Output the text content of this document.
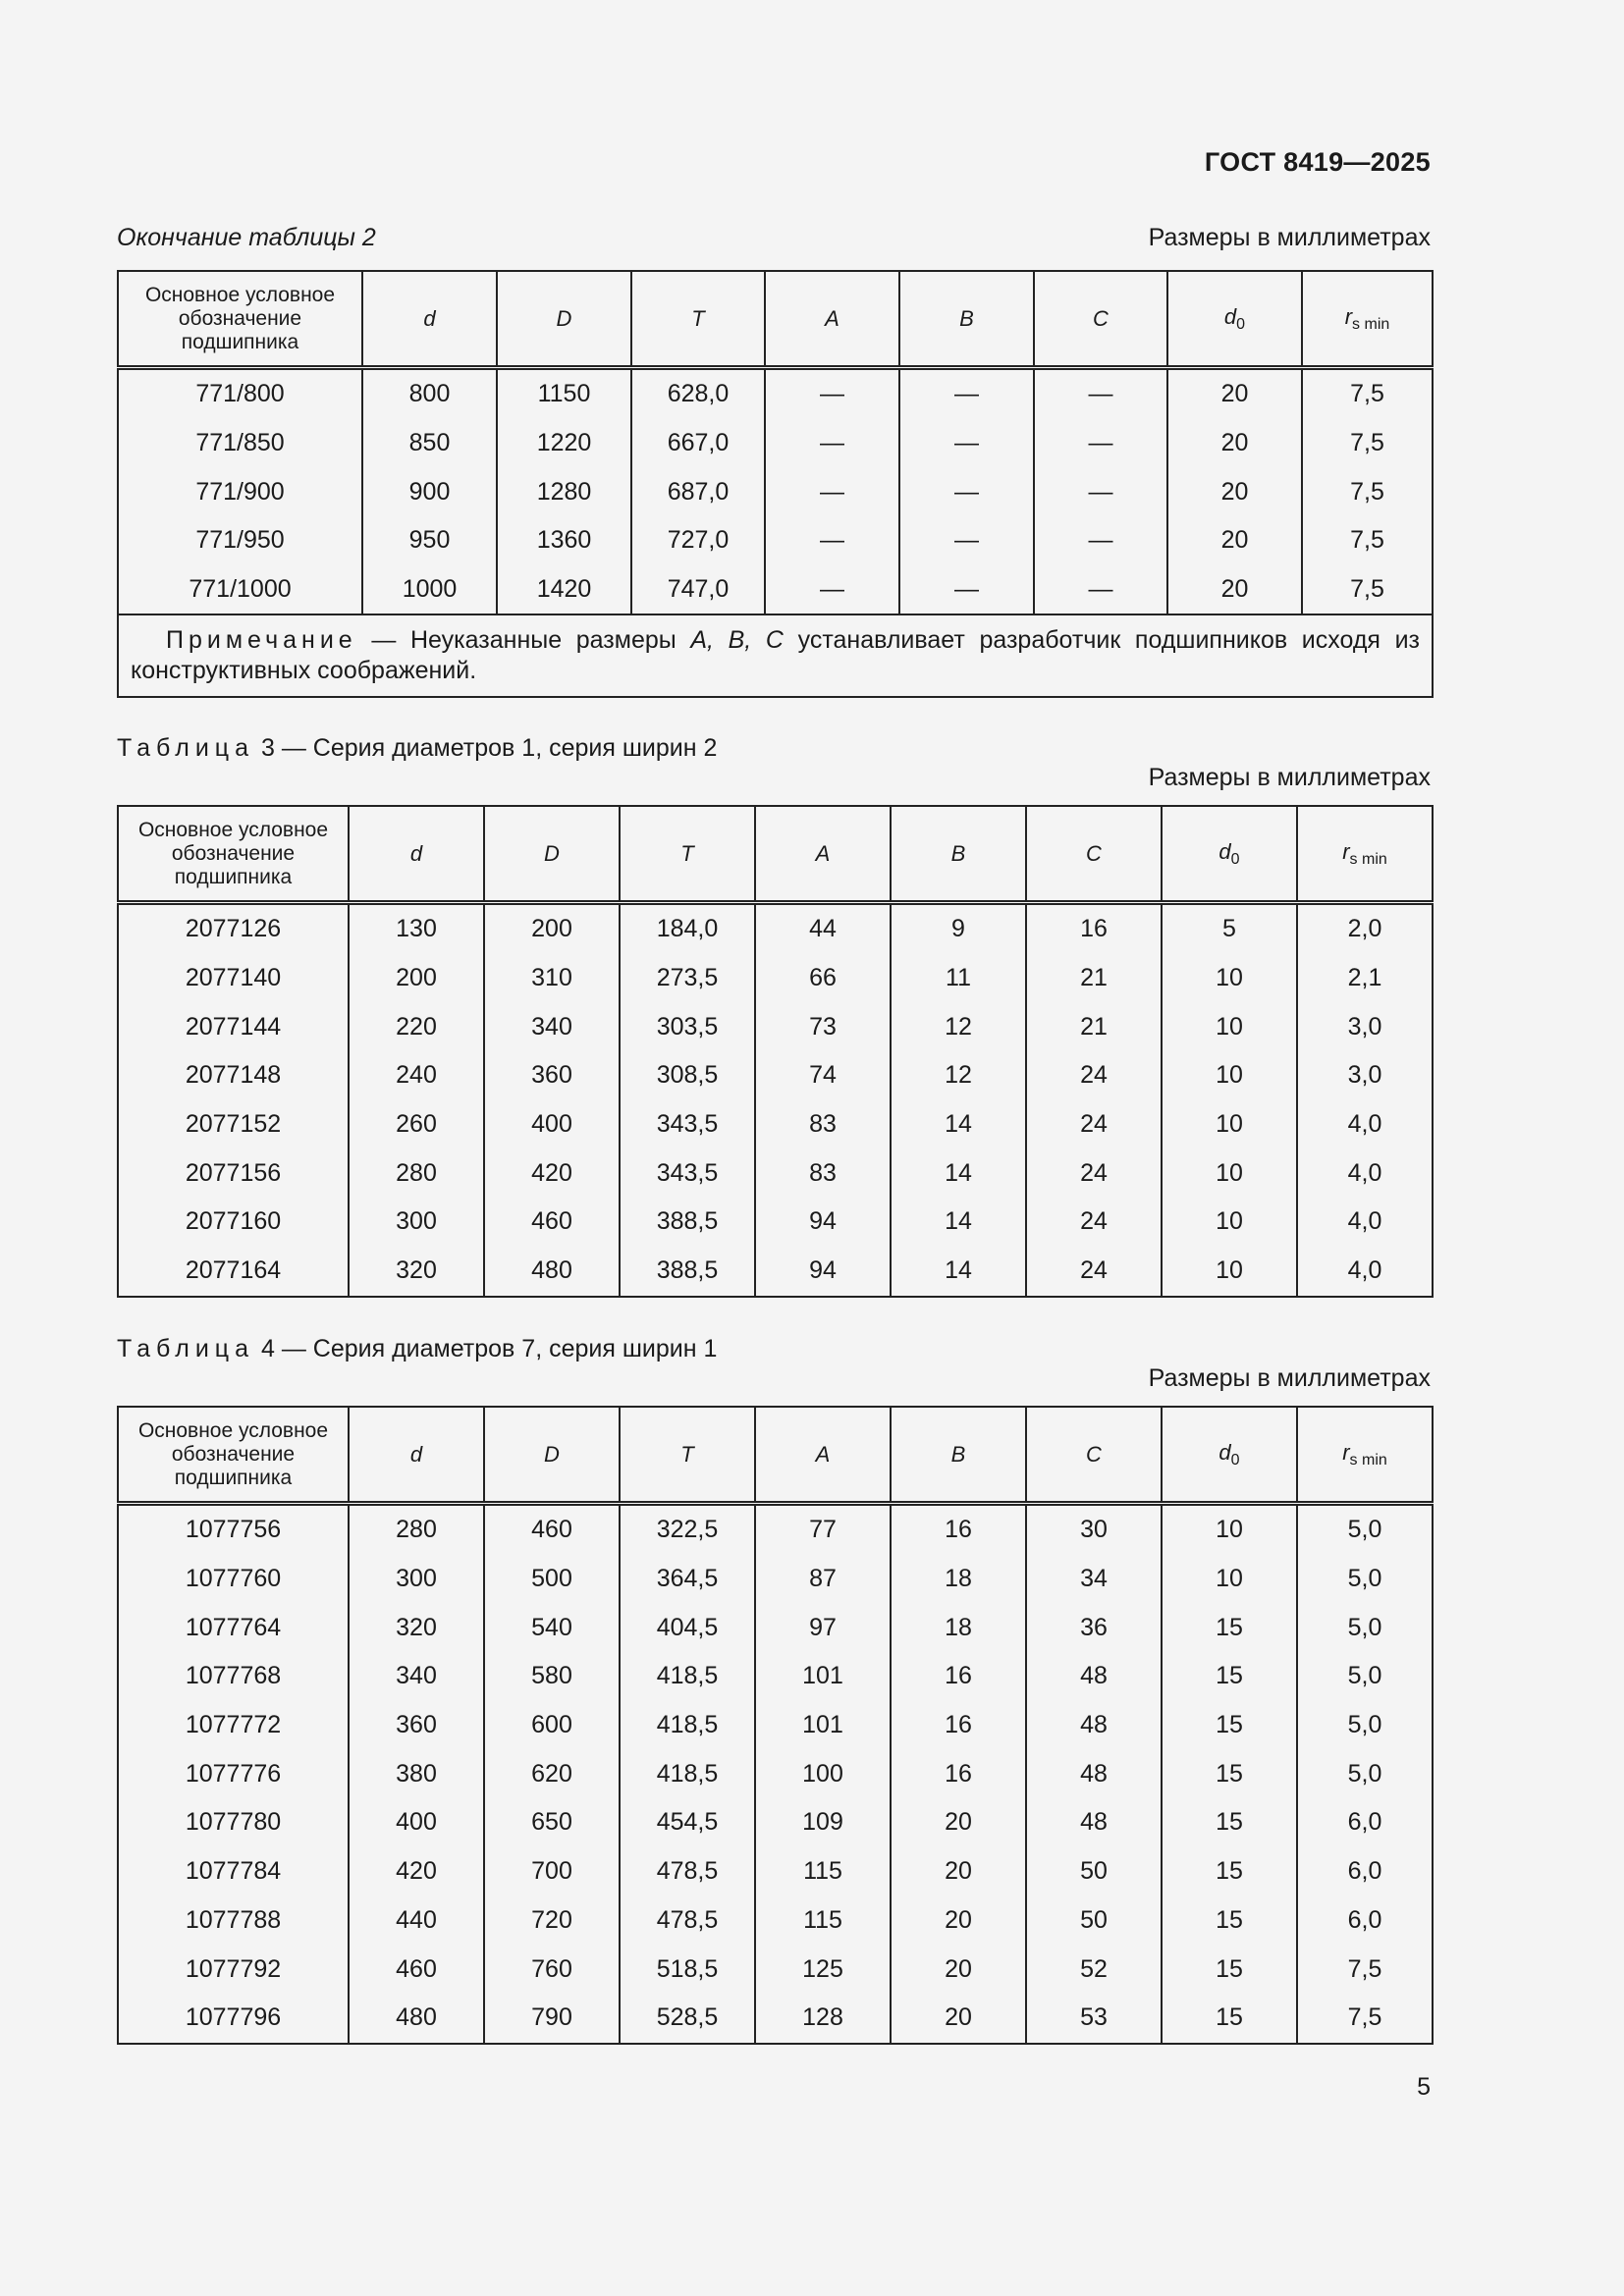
ГОСТ 8419—2025
Окончание таблицы 2	Размеры в миллиметрах
Основное условное обозначение подшипника	d	D	T	A	B	C	$d_0$	$r_{s min}$
771/800	800	1150	628,0	—	—	—	20	7,5
771/850	850	1220	667,0	—	—	—	20	7,5
771/900	900	1280	687,0	—	—	—	20	7,5
771/950	950	1360	727,0	—	—	—	20	7,5
771/1000	1000	1420	747,0	—	—	—	20	7,5
Примечание — Неуказанные размеры A, B, C устанавливает разработчик подшипников исходя из конструктивных соображений.								
Таблица 3 — Серия диаметров 1, серия ширин 2
Размеры в миллиметрах
Основное условное обозначение подшипника	d	D	T	A	B	C	$d_0$	$r_{s min}$
2077126	130	200	184,0	44	9	16	5	2,0
2077140	200	310	273,5	66	11	21	10	2,1
2077144	220	340	303,5	73	12	21	10	3,0
2077148	240	360	308,5	74	12	24	10	3,0
2077152	260	400	343,5	83	14	24	10	4,0
2077156	280	420	343,5	83	14	24	10	4,0
2077160	300	460	388,5	94	14	24	10	4,0
2077164	320	480	388,5	94	14	24	10	4,0
Таблица 4 — Серия диаметров 7, серия ширин 1
Размеры в миллиметрах
Основное условное обозначение подшипника	d	D	T	A	B	C	$d_0$	$r_{s min}$
1077756	280	460	322,5	77	16	30	10	5,0
1077760	300	500	364,5	87	18	34	10	5,0
1077764	320	540	404,5	97	18	36	15	5,0
1077768	340	580	418,5	101	16	48	15	5,0
1077772	360	600	418,5	101	16	48	15	5,0
1077776	380	620	418,5	100	16	48	15	5,0
1077780	400	650	454,5	109	20	48	15	6,0
1077784	420	700	478,5	115	20	50	15	6,0
1077788	440	720	478,5	115	20	50	15	6,0
1077792	460	760	518,5	125	20	52	15	7,5
1077796	480	790	528,5	128	20	53	15	7,5
5
